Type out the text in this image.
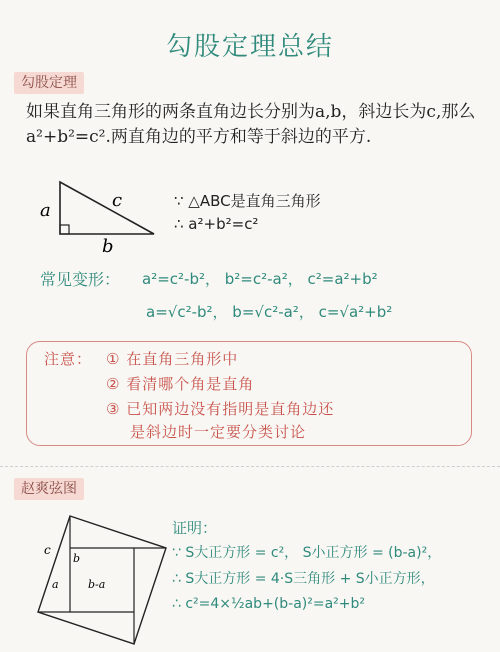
勾股定理总结
勾股定理
如果直角三角形的两条直角边长分别为a,b，斜边长为c,那么a²+b²=c².两直角边的平方和等于斜边的平方.
a
b
c	∵ △ABC是直角三角形
∴ a²+b²=c²
常见变形： a²=c²-b²， b²=c²-a²， c²=a²+b²
a=√c²-b²， b=√c²-a²， c=√a²+b²
注意： ① 在直角三角形中
② 看清哪个角是直角
③ 已知两边没有指明是直角边还
是斜边时一定要分类讨论
赵爽弦图
c
b
a	b-a
证明：
∵ S大正方形 = c²， S小正方形 = (b-a)²，
∴ S大正方形 = 4·S三角形 + S小正方形，
∴ c²=4×½ab+(b-a)²=a²+b²
